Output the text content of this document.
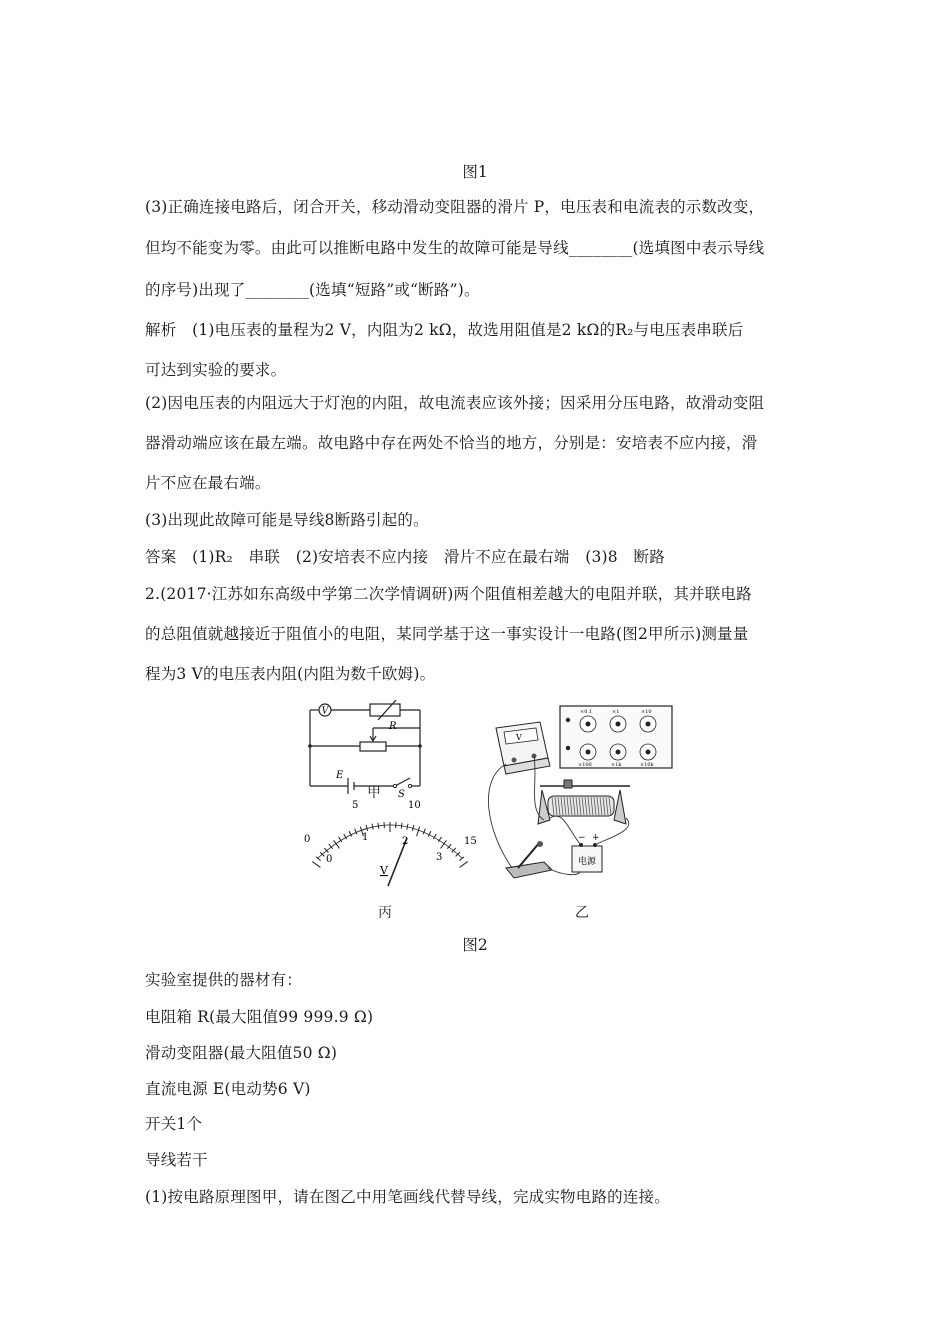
图1
(3)正确连接电路后，闭合开关，移动滑动变阻器的滑片 P，电压表和电流表的示数改变，
但均不能变为零。由此可以推断电路中发生的故障可能是导线________(选填图中表示导线
的序号)出现了________(选填“短路”或“断路”)。
解析　(1)电压表的量程为2 V，内阻为2 kΩ，故选用阻值是2 kΩ的R₂与电压表串联后
可达到实验的要求。
(2)因电压表的内阻远大于灯泡的内阻，故电流表应该外接；因采用分压电路，故滑动变阻
器滑动端应该在最左端。故电路中存在两处不恰当的地方，分别是：安培表不应内接，滑
片不应在最右端。
(3)出现此故障可能是导线8断路引起的。
答案　(1)R₂　串联　(2)安培表不应内接　滑片不应在最右端　(3)8　断路
2.(2017·江苏如东高级中学第二次学情调研)两个阻值相差越大的电阻并联，其并联电路
的总阻值就越接近于阻值小的电阻，某同学基于这一事实设计一电路(图2甲所示)测量量
程为3 V的电压表内阻(内阻为数千欧姆)。
V
R
E
S
甲
0
5	10
15
0
1	2
3
V
丙
V
×0.1	×1	×10
×100	×1k	×10k
电源
− +
乙
图2
实验室提供的器材有：
电阻箱 R(最大阻值99 999.9 Ω)
滑动变阻器(最大阻值50 Ω)
直流电源 E(电动势6 V)
开关1个
导线若干
(1)按电路原理图甲，请在图乙中用笔画线代替导线，完成实物电路的连接。
